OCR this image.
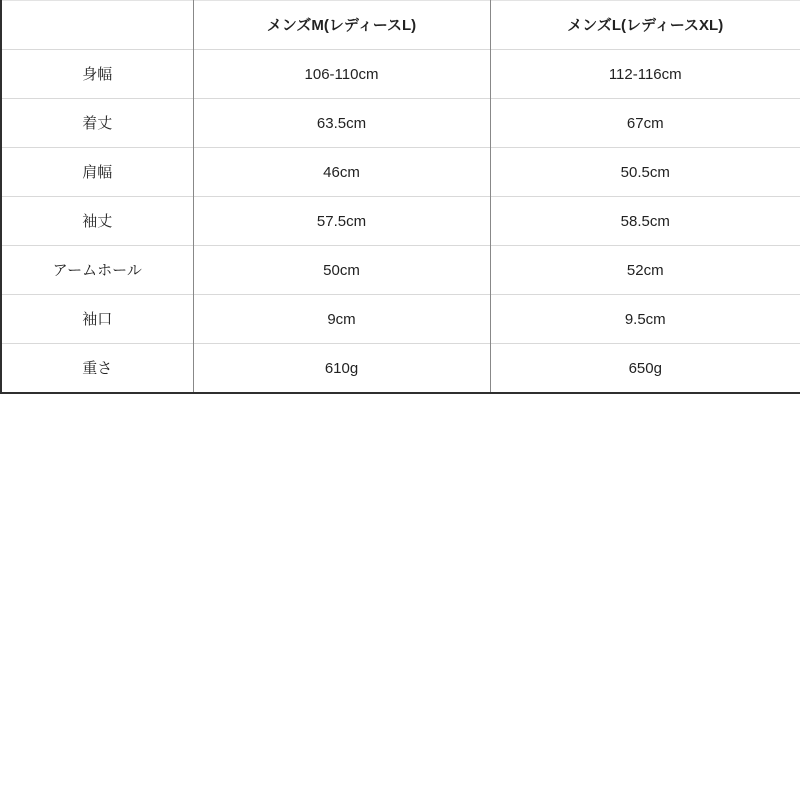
	メンズM(レディースL)	メンズL(レディースXL)
身幅	106-110cm	112-116cm
着丈	63.5cm	67cm
肩幅	46cm	50.5cm
袖丈	57.5cm	58.5cm
アームホール	50cm	52cm
袖口	9cm	9.5cm
重さ	610g	650g
